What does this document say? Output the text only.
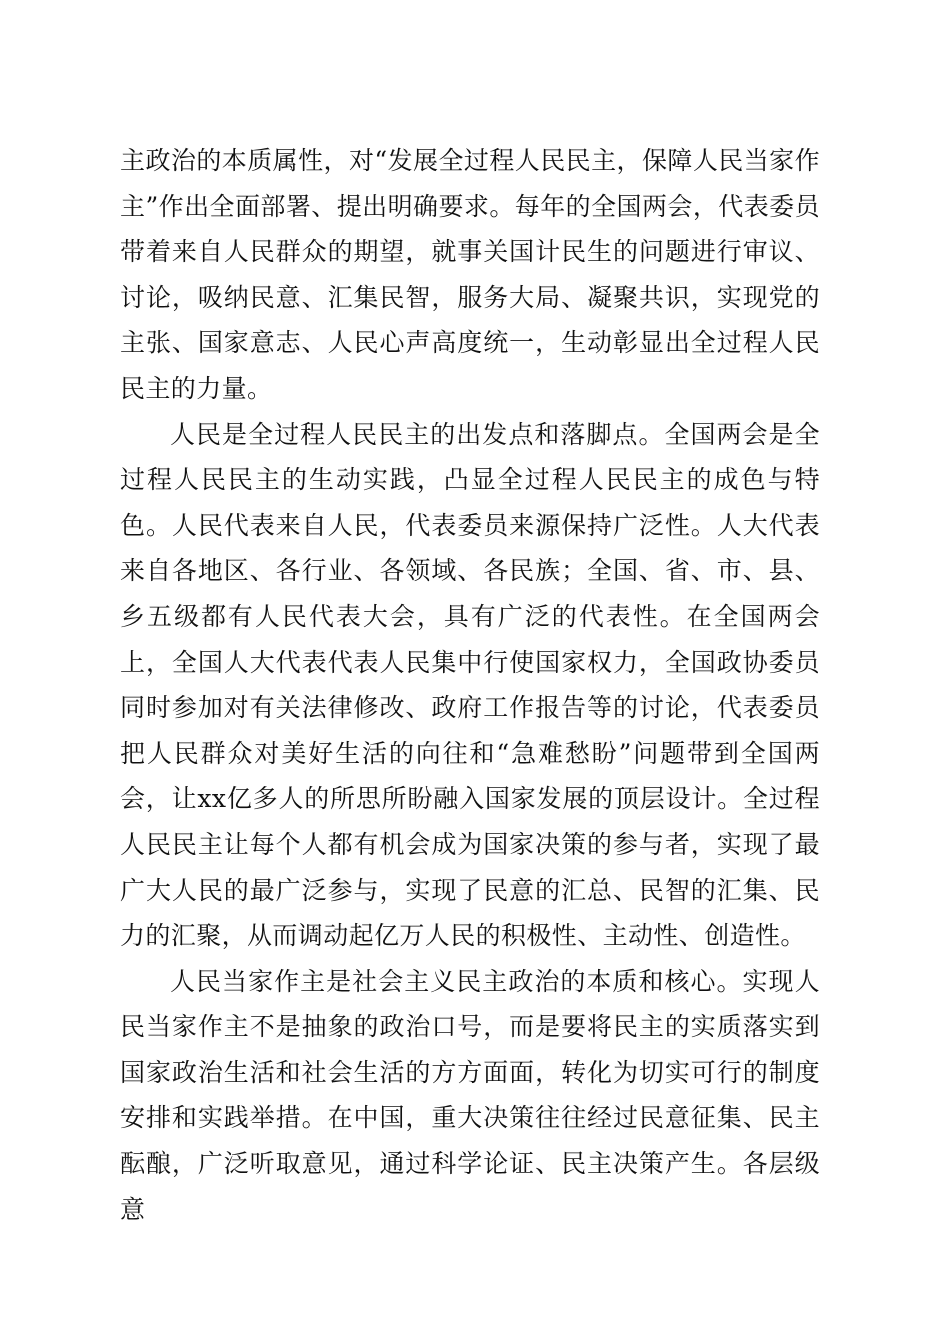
主政治的本质属性，对“发展全过程人民民主，保障人民当家作主”作出全面部署、提出明确要求。每年的全国两会，代表委员带着来自人民群众的期望，就事关国计民生的问题进行审议、讨论，吸纳民意、汇集民智，服务大局、凝聚共识，实现党的主张、国家意志、人民心声高度统一，生动彰显出全过程人民民主的力量。

人民是全过程人民民主的出发点和落脚点。全国两会是全过程人民民主的生动实践，凸显全过程人民民主的成色与特色。人民代表来自人民，代表委员来源保持广泛性。人大代表来自各地区、各行业、各领域、各民族；全国、省、市、县、乡五级都有人民代表大会，具有广泛的代表性。在全国两会上，全国人大代表代表人民集中行使国家权力，全国政协委员同时参加对有关法律修改、政府工作报告等的讨论，代表委员把人民群众对美好生活的向往和“急难愁盼”问题带到全国两会，让xx亿多人的所思所盼融入国家发展的顶层设计。全过程人民民主让每个人都有机会成为国家决策的参与者，实现了最广大人民的最广泛参与，实现了民意的汇总、民智的汇集、民力的汇聚，从而调动起亿万人民的积极性、主动性、创造性。

人民当家作主是社会主义民主政治的本质和核心。实现人民当家作主不是抽象的政治口号，而是要将民主的实质落实到国家政治生活和社会生活的方方面面，转化为切实可行的制度安排和实践举措。在中国，重大决策往往经过民意征集、民主酝酿，广泛听取意见，通过科学论证、民主决策产生。各层级意
